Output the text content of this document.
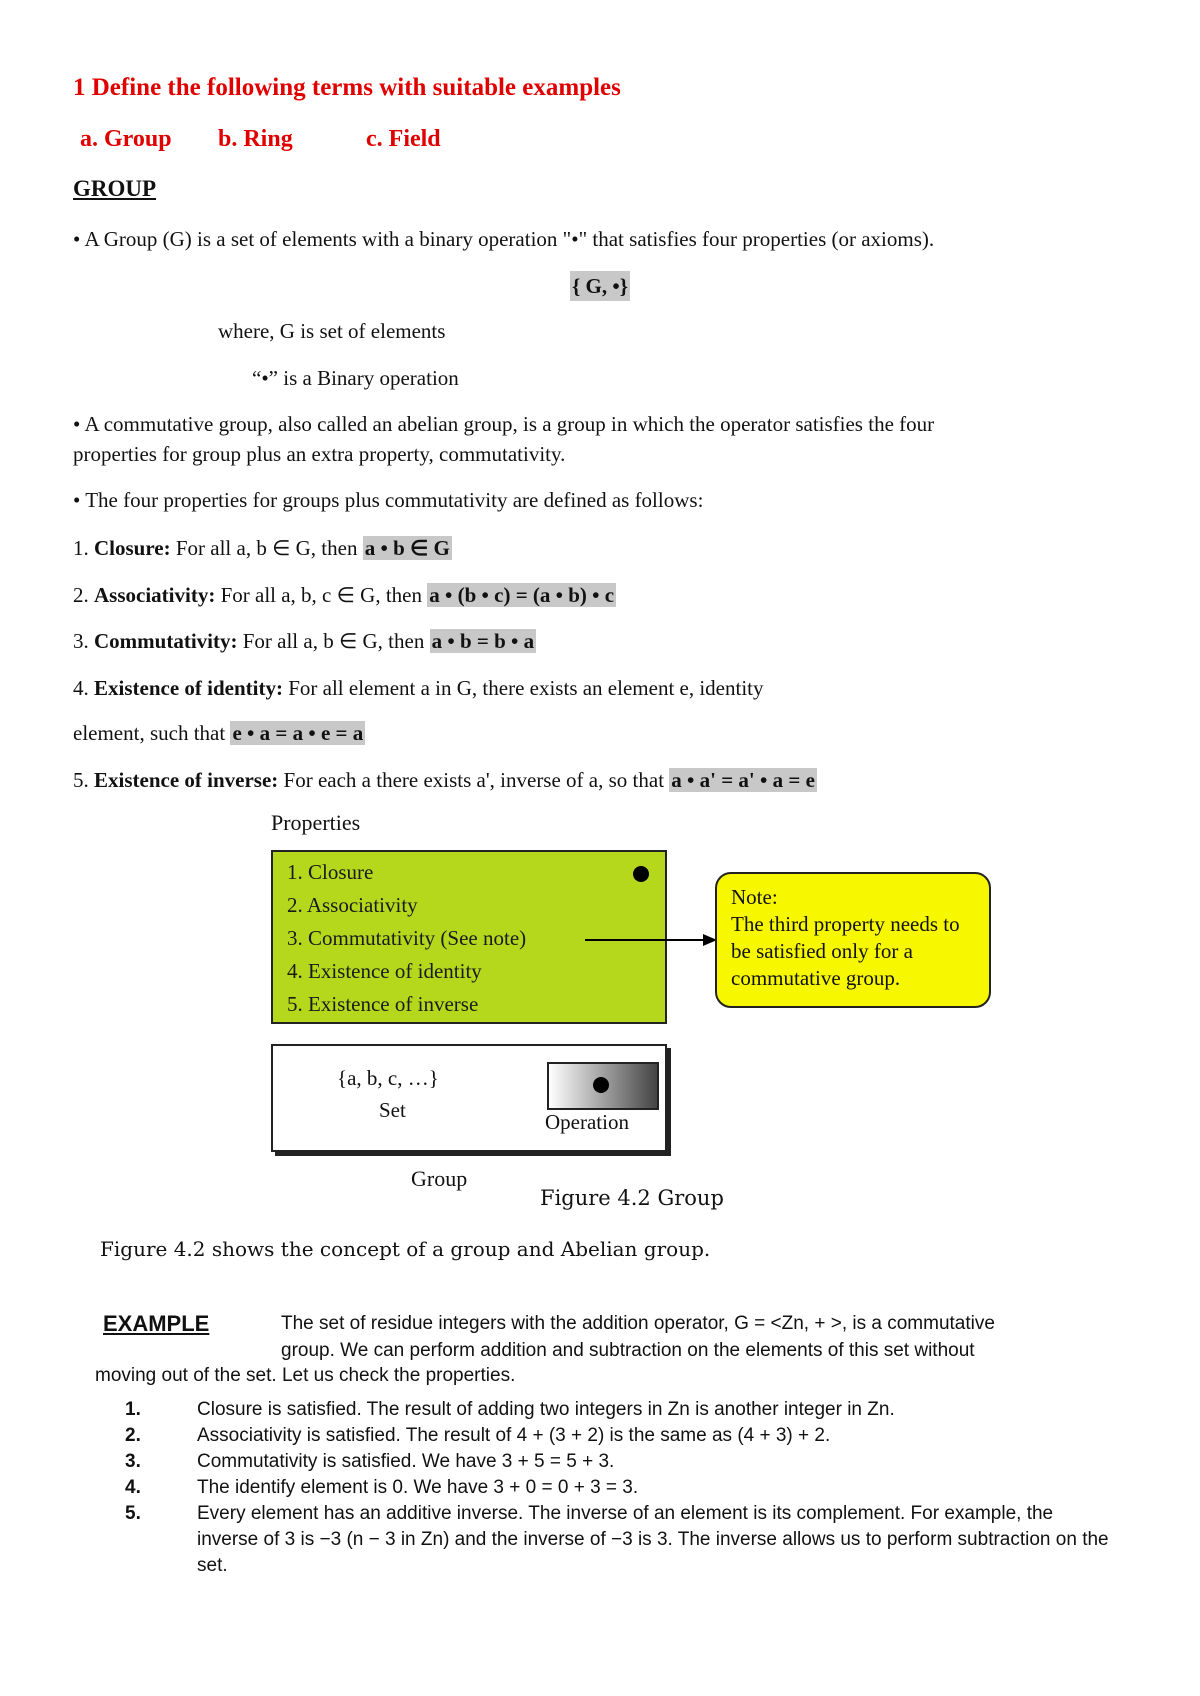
1 Define the following terms with suitable examples
a. Group b. Ring	c. Field
GROUP
• A Group (G) is a set of elements with a binary operation "•" that satisfies four properties (or axioms).
{ G, •}
where, G is set of elements
“•” is a Binary operation
• A commutative group, also called an abelian group, is a group in which the operator satisfies the four
properties for group plus an extra property, commutativity.
• The four properties for groups plus commutativity are defined as follows:
1. Closure: For all a, b ∈ G, then a • b ∈ G
2. Associativity: For all a, b, c ∈ G, then a • (b • c) = (a • b) • c
3. Commutativity: For all a, b ∈ G, then a • b = b • a
4. Existence of identity: For all element a in G, there exists an element e, identity
element, such that e • a = a • e = a
5. Existence of inverse: For each a there exists a', inverse of a, so that a • a' = a' • a = e
Properties
1. Closure
2. Associativity
3. Commutativity (See note)
4. Existence of identity
5. Existence of inverse
Note:
The third property needs to be satisfied only for a commutative group.
{a, b, c, …}
Set	Operation
Group
Figure 4.2 Group
Figure 4.2 shows the concept of a group and Abelian group.
EXAMPLE	The set of residue integers with the addition operator, G = <Zn, + >, is a commutative
group. We can perform addition and subtraction on the elements of this set without
moving out of the set. Let us check the properties.
1.	Closure is satisfied. The result of adding two integers in Zn is another integer in Zn.
2.	Associativity is satisfied. The result of 4 + (3 + 2) is the same as (4 + 3) + 2.
3.	Commutativity is satisfied. We have 3 + 5 = 5 + 3.
4.	The identify element is 0. We have 3 + 0 = 0 + 3 = 3.
5.	Every element has an additive inverse. The inverse of an element is its complement. For example, the inverse of 3 is −3 (n − 3 in Zn) and the inverse of −3 is 3. The inverse allows us to perform subtraction on the set.
